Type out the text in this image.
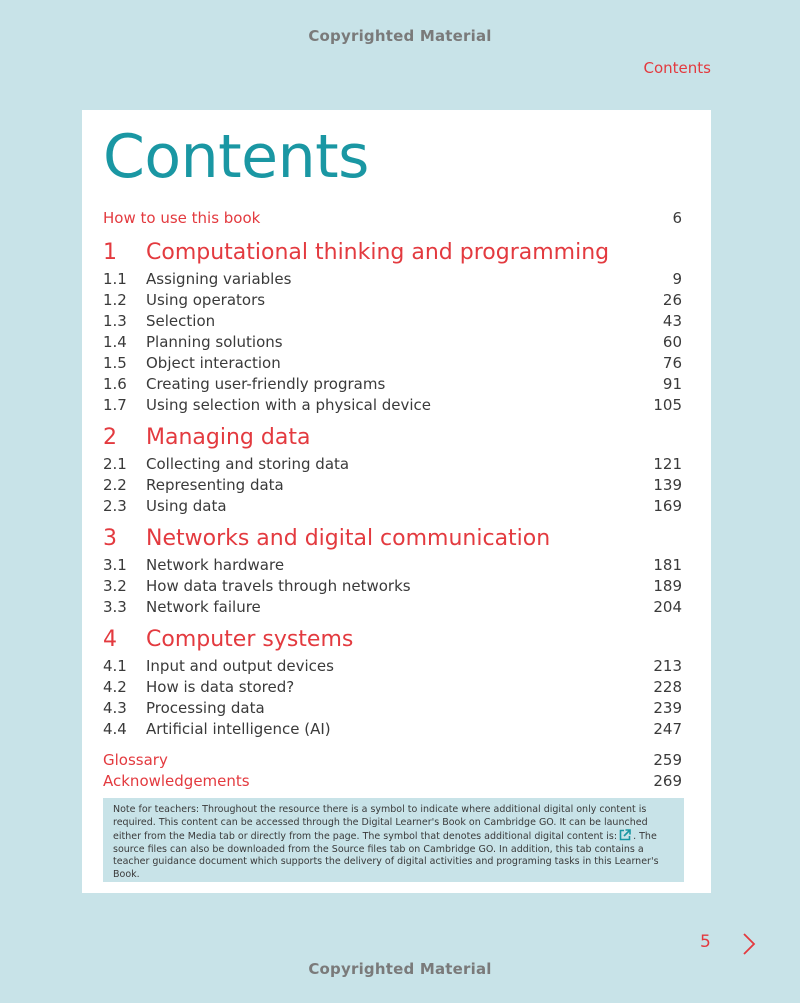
Copyrighted Material
Contents
Contents
How to use this book	6
1 Computational thinking and programming
1.1 Assigning variables	9
1.2 Using operators	26
1.3 Selection	43
1.4 Planning solutions	60
1.5 Object interaction	76
1.6 Creating user-friendly programs	91
1.7 Using selection with a physical device	105
2 Managing data
2.1 Collecting and storing data	121
2.2 Representing data	139
2.3 Using data	169
3 Networks and digital communication
3.1 Network hardware	181
3.2 How data travels through networks	189
3.3 Network failure	204
4 Computer systems
4.1 Input and output devices	213
4.2 How is data stored?	228
4.3 Processing data	239
4.4 Artificial intelligence (AI)	247
Glossary	259
Acknowledgements	269
Note for teachers: Throughout the resource there is a symbol to indicate where additional digital only content is required. This content can be accessed through the Digital Learner's Book on Cambridge GO. It can be launched either from the Media tab or directly from the page. The symbol that denotes additional digital content is: . The source files can also be downloaded from the Source files tab on Cambridge GO. In addition, this tab contains a teacher guidance document which supports the delivery of digital activities and programing tasks in this Learner's Book.
5
Copyrighted Material
